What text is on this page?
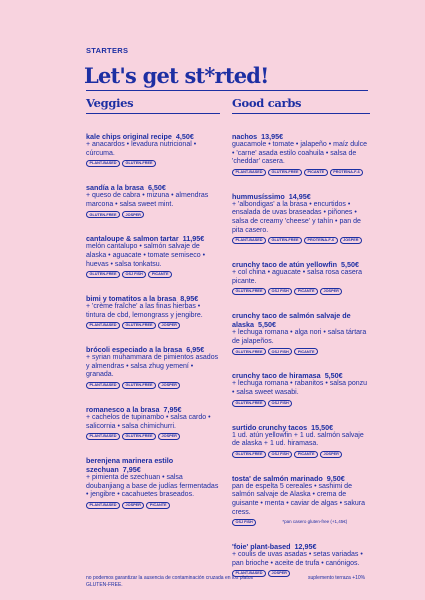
STARTERS
Let's get st*rted!
Veggies
kale chips original recipe 4,50€
+ anacardos • levadura nutricional • cúrcuma.
PLANT-BASED	GLUTEN-FREE
sandía a la brasa 6,50€
+ queso de cabra • mizuna • almendras marcona • salsa sweet mint.
GLUTEN-FREE	JOSPER
cantaloupe & salmon tartar 11,95€
melón cantalupo • salmón salvaje de alaska • aguacate • tomate semiseco • huevas • salsa tonkatsu.
GLUTEN-FREE	OSJ FISH	PICANTE
bimi y tomatitos a la brasa 8,95€
+ 'crème fraîche' a las finas hierbas • tintura de cbd, lemongrass y jengibre.
PLANT-BASED	GLUTEN-FREE	JOSPER
brócoli especiado a la brasa 6,95€
+ syrian muhammara de pimientos asados y almendras • salsa zhug yemení • granada.
PLANT-BASED	GLUTEN-FREE	JOSPER
romanesco a la brasa 7,95€
+ cachelos de tupinambo • salsa cardo • salicornia • salsa chimichurri.
PLANT-BASED	GLUTEN-FREE	JOSPER
berenjena marinera estilo szechuan 7,95€
+ pimienta de szechuan • salsa doubanjiang a base de judías fermentadas • jengibre • cacahuetes braseados.
PLANT-BASED	JOSPER	PICANTE
Good carbs
nachos 13,95€
guacamole • tomate • jalapeño • maíz dulce • 'carne' asada estilo coahuila • salsa de 'cheddar' casera.
PLANT-BASED	GLUTEN-FREE	PICANTE	PROTEÍNA-F-6
hummusíssimo 14,95€
+ 'albondigas' a la brasa • encurtidos • ensalada de uvas braseadas • piñones • salsa de creamy 'cheese' y tahín • pan de pita casero.
PLANT-BASED	GLUTEN-FREE	PROTEÍNA-F-6	JOSPER
crunchy taco de atún yellowfin 5,50€
+ col china • aguacate • salsa rosa casera picante.
GLUTEN-FREE	OSJ FISH	PICANTE	JOSPER
crunchy taco de salmón salvaje de alaska 5,50€
+ lechuga romana • alga nori • salsa tártara de jalapeños.
GLUTEN-FREE	OSJ FISH	PICANTE
crunchy taco de hiramasa 5,50€
+ lechuga romana • rabanitos • salsa ponzu • salsa sweet wasabi.
GLUTEN-FREE	OSJ FISH
surtido crunchy tacos 15,50€
1 ud. atún yellowfin + 1 ud. salmón salvaje de alaska + 1 ud. hiramasa.
GLUTEN-FREE	OSJ FISH	PICANTE	JOSPER
tosta' de salmón marinado 9,50€
pan de espelta 5 cereales • sashimi de salmón salvaje de Alaska • crema de guisante • menta • caviar de algas • sakura cress.
OSJ FISH	*pan casero gluten-free (+1,45€)
'foie' plant-based 12,95€
+ coulis de uvas asadas • setas variadas • pan brioche • aceite de trufa • canónigos.
PLANT-BASED	JOSPER
no podemos garantizar la ausencia de contaminación cruzada en los platos GLUTEN-FREE.
suplemento terraza +10%
